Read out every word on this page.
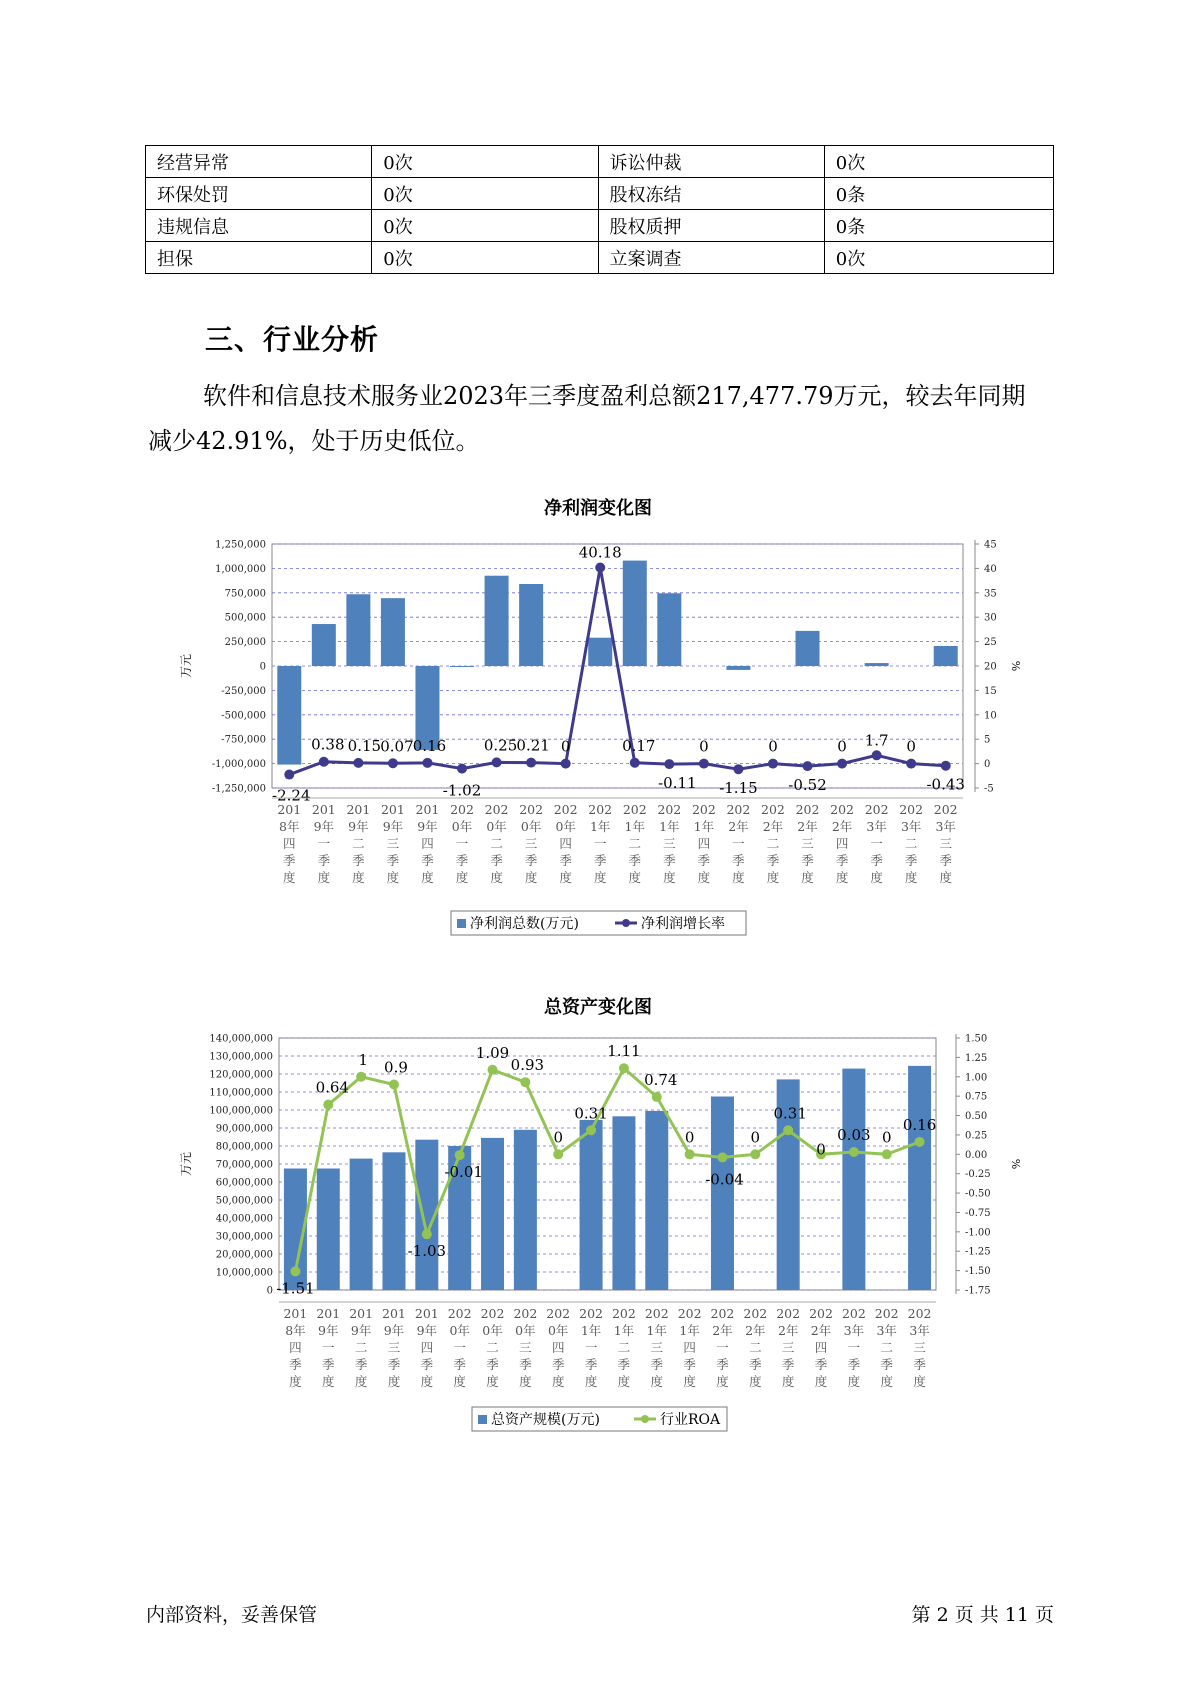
经营异常	0次	诉讼仲裁	0次
环保处罚	0次	股权冻结	0条
违规信息	0次	股权质押	0条
担保	0次	立案调查	0次
三、行业分析
软件和信息技术服务业2023年三季度盈利总额217,477.79万元，较去年同期减少42.91%，处于历史低位。
净利润变化图
1,250,000
1,000,000
750,000
500,000
250,000
0
-250,000
-500,000
-750,000
-1,000,000
-1,250,000
45
40
35
30
25
20
15
10
5
0
-5
万元	%
-2.24
0.38 0.15 0.07 0.16
-1.02
0.25 0.21 0
40.18
0.17
-0.11
0
-1.15
0
-0.52
0 1.7 0
-0.43
201 8年四季度
201 9年一季度
201 9年二季度
201 9年三季度
201 9年四季度
202 0年一季度
202 0年二季度
202 0年三季度
202 0年四季度
202 1年一季度
202 1年二季度
202 1年三季度
202 1年四季度
202 2年一季度
202 2年二季度
202 2年三季度
202 2年四季度
202 3年一季度
202 3年二季度
202 3年三季度
净利润总数(万元)	净利润增长率
总资产变化图
140,000,000
130,000,000
120,000,000
110,000,000
100,000,000
90,000,000
80,000,000
70,000,000
60,000,000
50,000,000
40,000,000
30,000,000
20,000,000
10,000,000
0
1.50
1.25
1.00
0.75
0.50
0.25
0.00
-0.25
-0.50
-0.75
-1.00
-1.25
-1.50
-1.75
万元	%
-1.51
0.64
1 0.9
-1.03
-0.01
1.09
0.93
0
0.31
1.11
0.74
0
-0.04
0
0.31
0
0.03 0
0.16
201 8年四季度
201 9年一季度
201 9年二季度
201 9年三季度
201 9年四季度
202 0年一季度
202 0年二季度
202 0年三季度
202 0年四季度
202 1年一季度
202 1年二季度
202 1年三季度
202 1年四季度
202 2年一季度
202 2年二季度
202 2年三季度
202 2年四季度
202 3年一季度
202 3年二季度
202 3年三季度
总资产规模(万元)	行业ROA
内部资料，妥善保管	第 2 页 共 11 页
